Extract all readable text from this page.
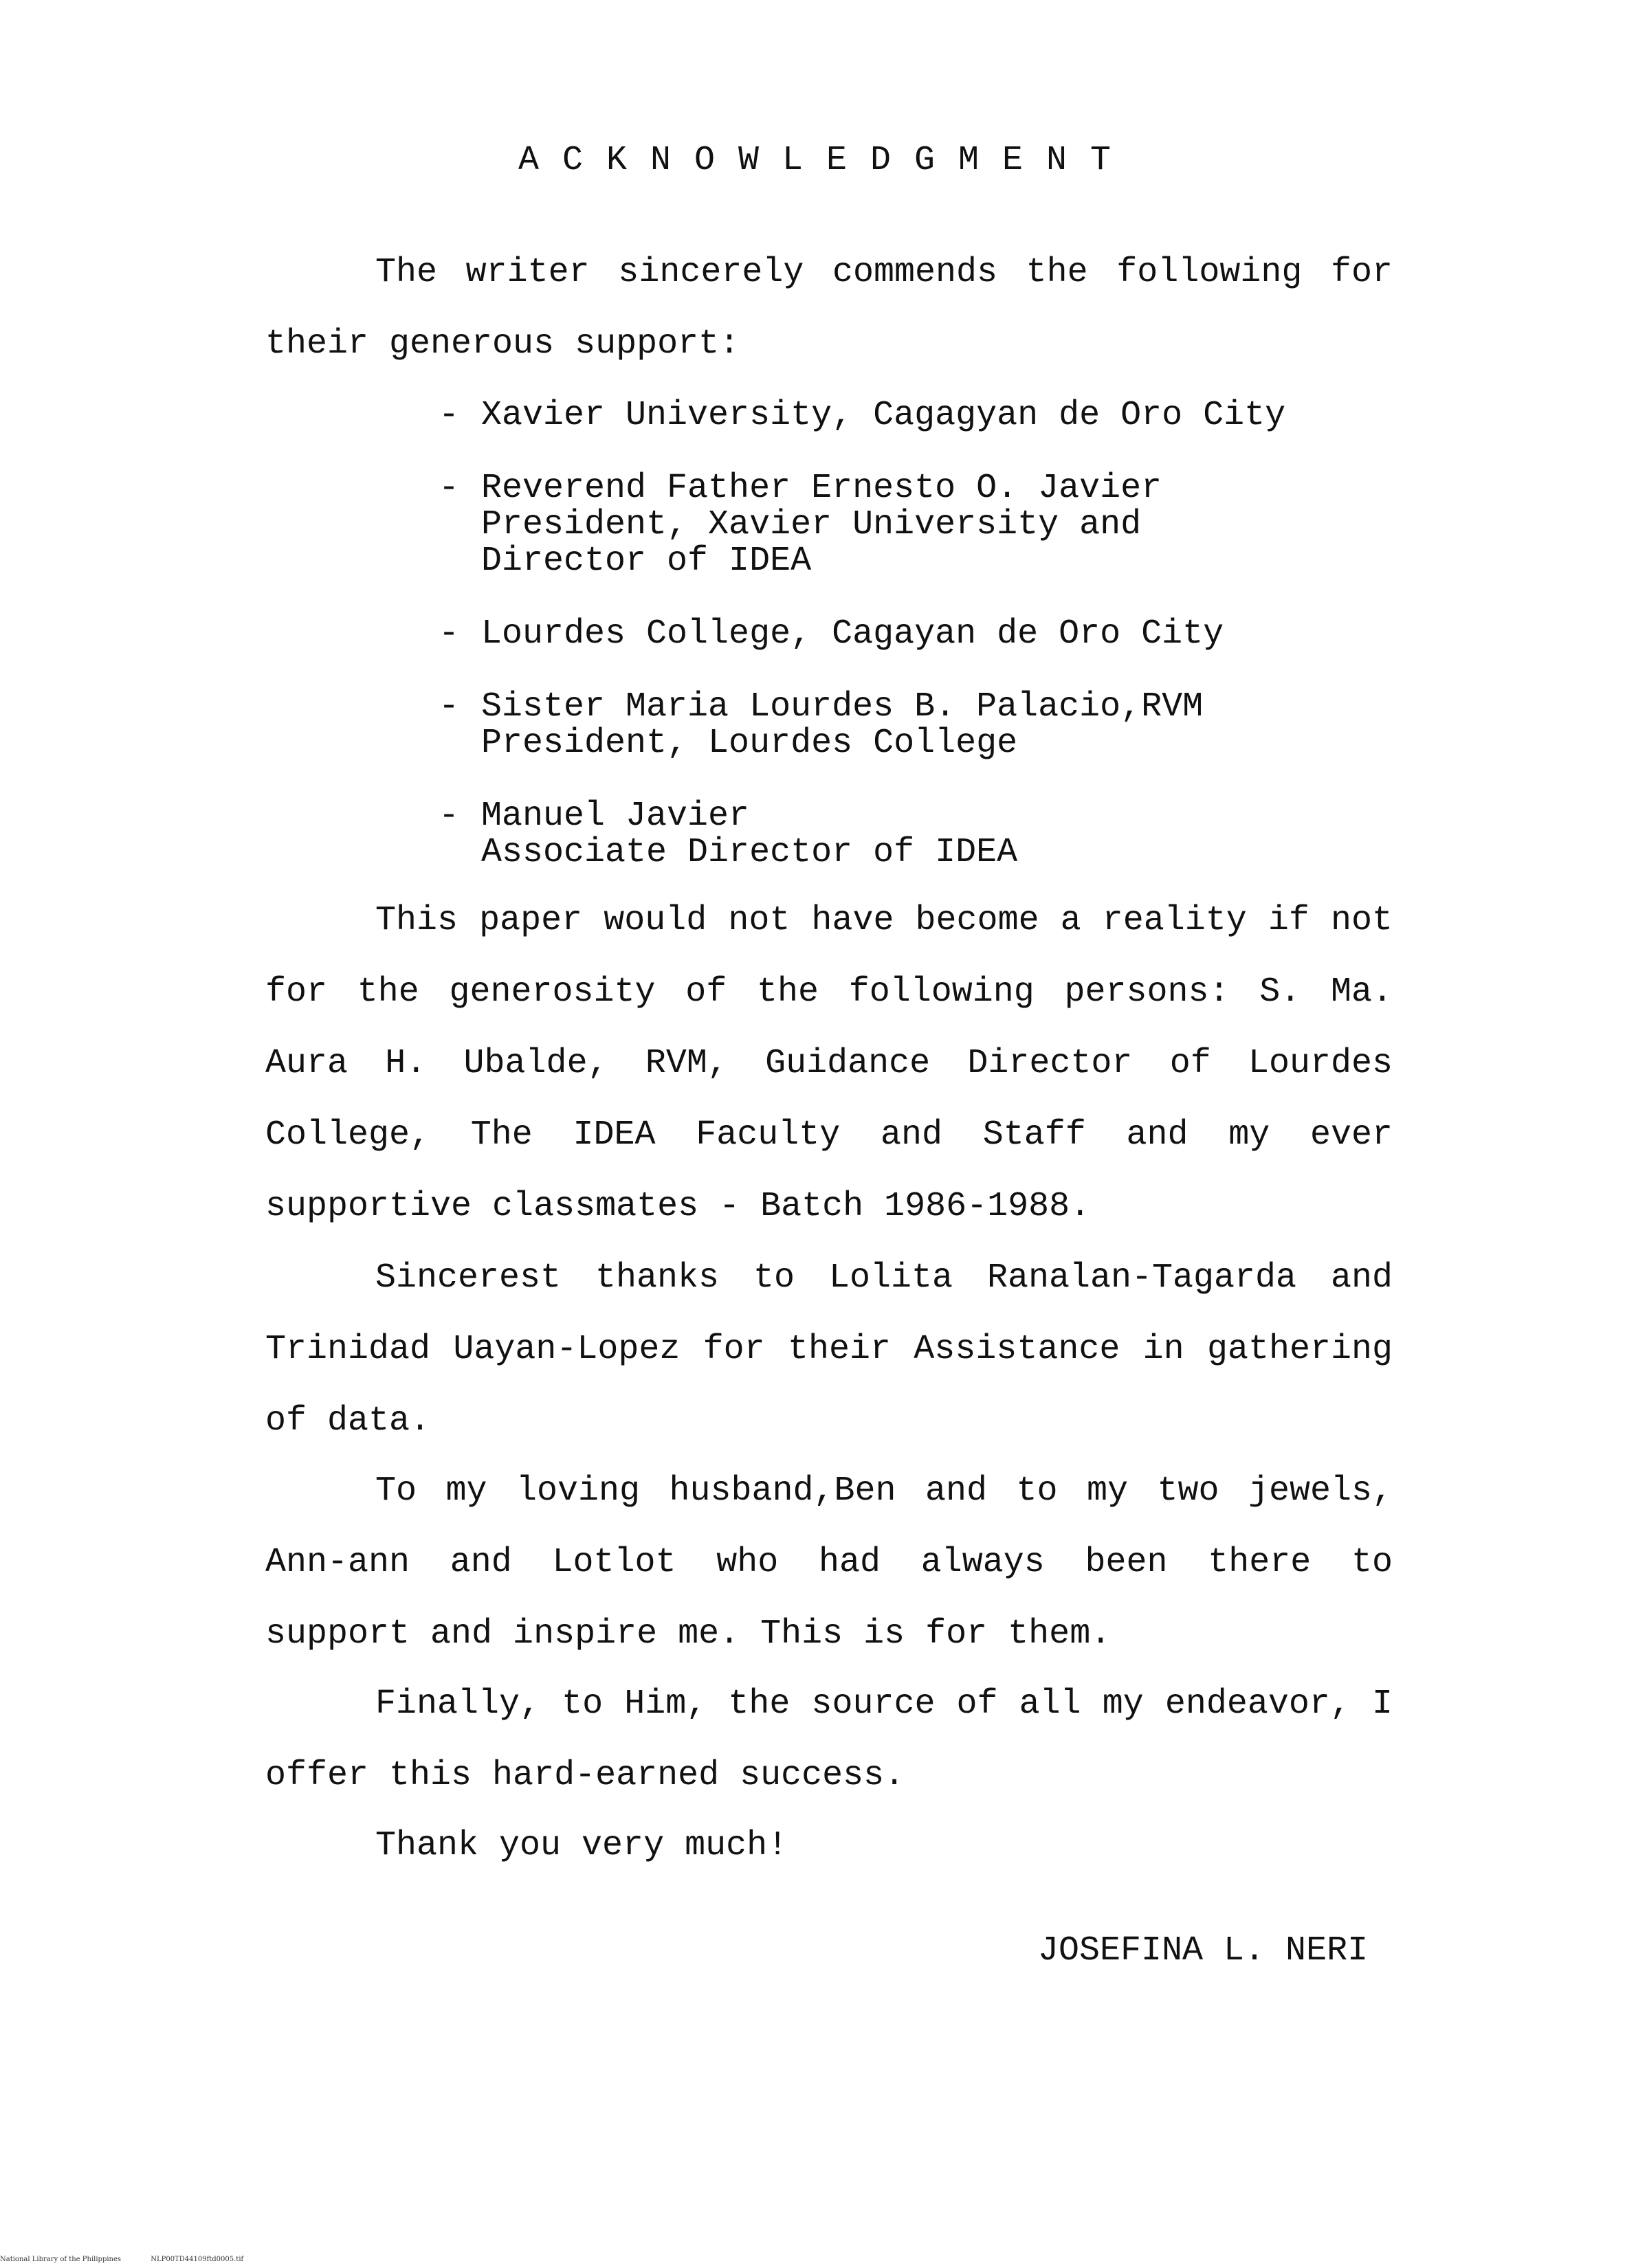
ACKNOWLEDGMENT
The writer sincerely commends the following for their generous support:
- Xavier University, Cagagyan de Oro City
- Reverend Father Ernesto O. Javier
President, Xavier University and
Director of IDEA
- Lourdes College, Cagayan de Oro City
- Sister Maria Lourdes B. Palacio,RVM
President, Lourdes College
- Manuel Javier
Associate Director of IDEA
This paper would not have become a reality if not for the generosity of the following persons: S. Ma. Aura H. Ubalde, RVM, Guidance Director of Lourdes College, The IDEA Faculty and Staff and my ever supportive classmates - Batch 1986-1988.
Sincerest thanks to Lolita Ranalan-Tagarda and Trinidad Uayan-Lopez for their Assistance in gathering of data.
To my loving husband,Ben and to my two jewels, Ann-ann and Lotlot who had always been there to support and inspire me. This is for them.
Finally, to Him, the source of all my endeavor, I offer this hard-earned success.
Thank you very much!
JOSEFINA L. NERI
National Library of the Philippines	NLP00TD44109ftd0005.tif
